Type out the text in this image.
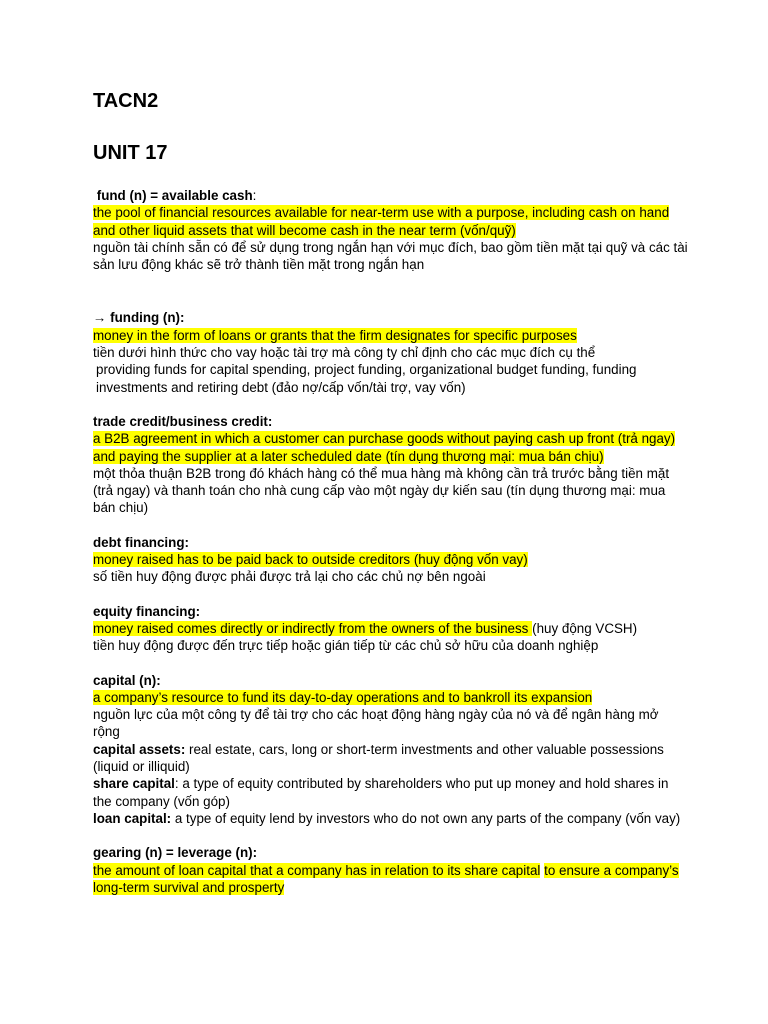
TACN2
UNIT 17

fund (n) = available cash:

the pool of financial resources available for near-term use with a purpose, including cash on hand and other liquid assets that will become cash in the near term (vốn/quỹ)

nguồn tài chính sẵn có để sử dụng trong ngắn hạn với mục đích, bao gồm tiền mặt tại quỹ và các tài sản lưu động khác sẽ trở thành tiền mặt trong ngắn hạn

→ funding (n):

money in the form of loans or grants that the firm designates for specific purposes

tiền dưới hình thức cho vay hoặc tài trợ mà công ty chỉ định cho các mục đích cụ thể

providing funds for capital spending, project funding, organizational budget funding, funding investments and retiring debt (đảo nợ/cấp vốn/tài trợ, vay vốn)

trade credit/business credit:

a B2B agreement in which a customer can purchase goods without paying cash up front (trả ngay) and paying the supplier at a later scheduled date (tín dụng thương mại: mua bán chịu)

một thỏa thuận B2B trong đó khách hàng có thể mua hàng mà không cần trả trước bằng tiền mặt (trả ngay) và thanh toán cho nhà cung cấp vào một ngày dự kiến sau (tín dụng thương mại: mua bán chịu)

debt financing:

money raised has to be paid back to outside creditors (huy động vốn vay)

số tiền huy động được phải được trả lại cho các chủ nợ bên ngoài

equity financing:

money raised comes directly or indirectly from the owners of the business (huy động VCSH)

tiền huy động được đến trực tiếp hoặc gián tiếp từ các chủ sở hữu của doanh nghiệp

capital (n):

a company’s resource to fund its day-to-day operations and to bankroll its expansion

nguồn lực của một công ty để tài trợ cho các hoạt động hàng ngày của nó và để ngân hàng mở rộng

capital assets: real estate, cars, long or short-term investments and other valuable possessions (liquid or illiquid)

share capital: a type of equity contributed by shareholders who put up money and hold shares in the company (vốn góp)

loan capital: a type of equity lend by investors who do not own any parts of the company (vốn vay)

gearing (n) = leverage (n):

the amount of loan capital that a company has in relation to its share capital to ensure a company’s long-term survival and prosperty
